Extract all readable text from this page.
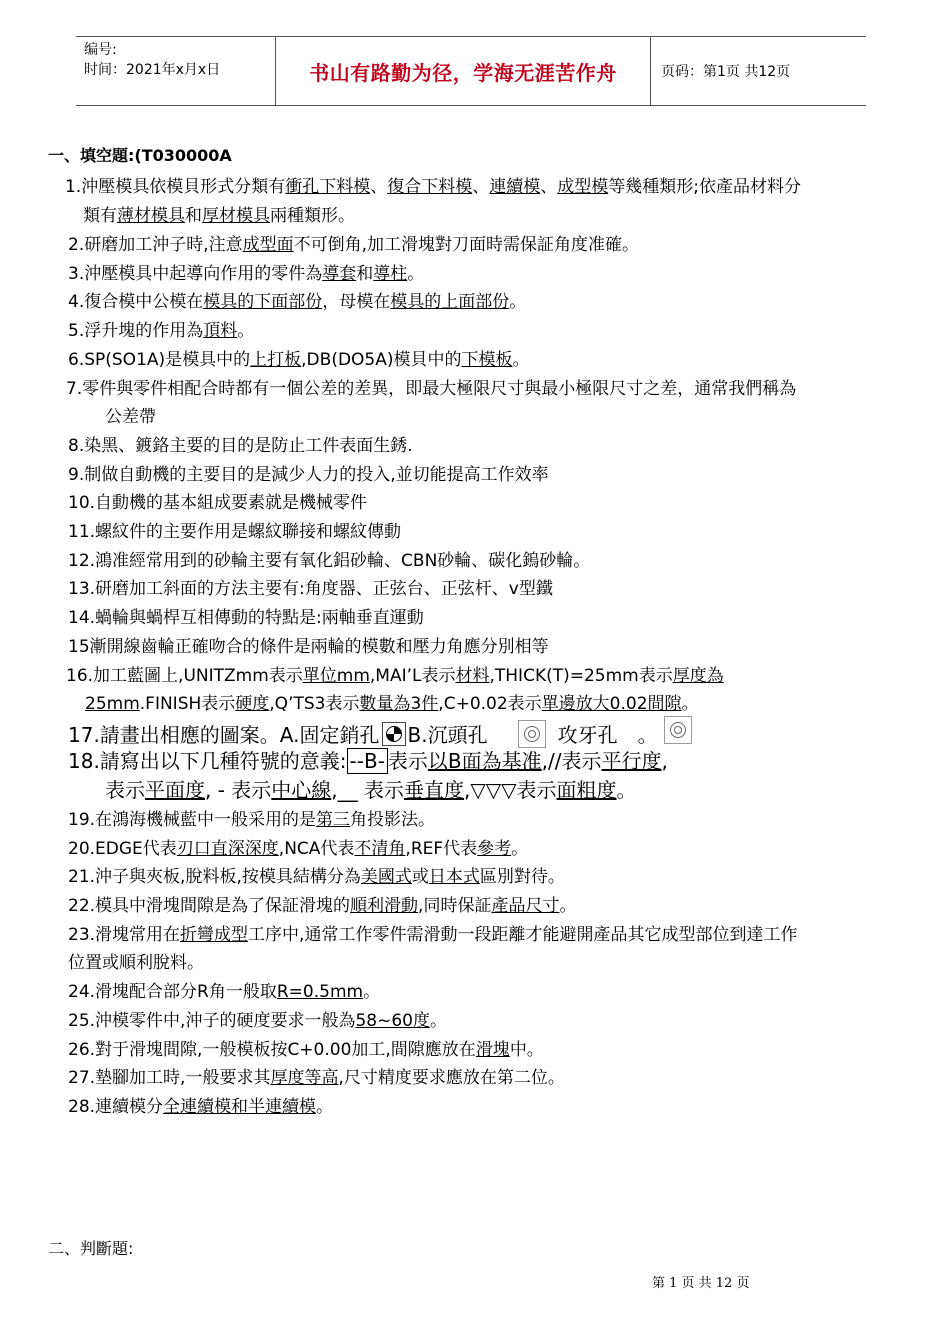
编号:
时间：2021年x月x日	书山有路勤为径，学海无涯苦作舟	页码：第1页 共12页
一、填空題:(T030000A
1.沖壓模具依模貝形式分類有衝孔下料模、復合下料模、連續模、成型模等幾種類形;依產品材料分
類有薄材模具和厚材模具兩種類形。
2.研磨加工沖子時,注意成型面不可倒角,加工滑塊對刀面時需保証角度准確。
3.沖壓模具中起導向作用的零件為導套和導柱。
4.復合模中公模在模具的下面部份，母模在模具的上面部份。
5.浮升塊的作用為頂料。
6.SP(SO1A)是模具中的上打板,DB(DO5A)模貝中的下模板。
7.零件與零件相配合時都有一個公差的差異，即最大極限尺寸與最小極限尺寸之差，通常我們稱為
公差帶
8.染黑、鍍鉻主要的目的是防止工件表面生銹.
9.制做自動機的主要目的是減少人力的投入,並切能提高工作效率
10.自動機的基本組成要素就是機械零件
11.螺紋件的主要作用是螺紋聯接和螺紋傳動
12.鴻准經常用到的砂輪主要有氧化鋁砂輪、CBN砂輪、碳化鎢砂輪。
13.研磨加工斜面的方法主要有:角度器、正弦台、正弦杆、v型鐵
14.蝸輪與蝸桿互相傳動的特點是:兩軸垂直運動
15漸開線齒輪正確吻合的條件是兩輪的模數和壓力角應分別相等
16.加工藍圖上,UNITZmm表示單位mm,MAI’L表示材料,THICK(T)=25mm表示厚度為
25mm.FINISH表示硬度,Q’TS3表示數量為3件,C+0.02表示單邊放大0.02間隙。
17.請畫出相應的圖案。A.固定銷孔 B.沉頭孔	攻牙孔 。
18.請寫出以下几種符號的意義: --B- 表示以B面為基准,//表示平行度,
表示平面度, - 表示中心線,__ 表示垂直度,▽▽▽表示面粗度。
19.在鴻海機械藍中一般采用的是第三角投影法。
20.EDGE代表刃口直深深度,NCA代表不清角,REF代表參考。
21.沖子與夾板,脫料板,按模具結構分為美國式或日本式區別對待。
22.模具中滑塊間隙是為了保証滑塊的順利滑動,同時保証產品尺寸。
23.滑塊常用在折彎成型工序中,通常工作零件需滑動一段距離才能避開產品其它成型部位到達工作
位置或順利脫料。
24.滑塊配合部分R角一般取R=0.5mm。
25.沖模零件中,沖子的硬度要求一般為58~60度。
26.對于滑塊間隙,一般模板按C+0.00加工,間隙應放在滑塊中。
27.墊腳加工時,一般要求其厚度等高,尺寸精度要求應放在第二位。
28.連續模分全連續模和半連續模。
二、判斷題:
第 1 页 共 12 页
